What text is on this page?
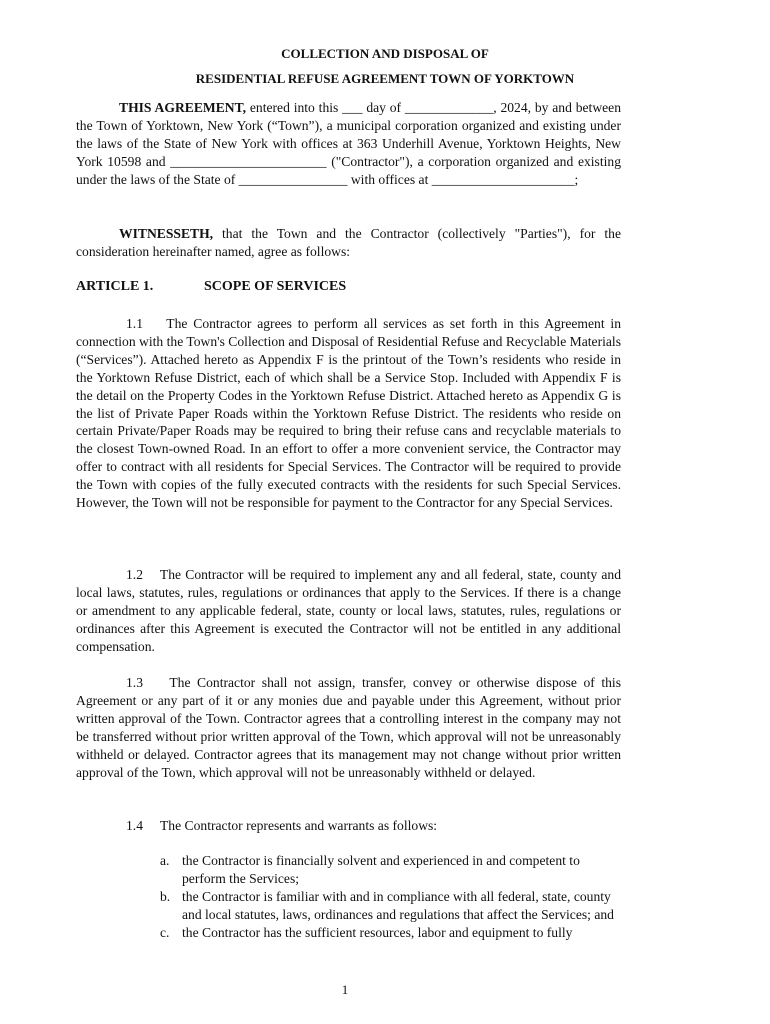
COLLECTION AND DISPOSAL OF
RESIDENTIAL REFUSE AGREEMENT TOWN OF YORKTOWN
THIS AGREEMENT, entered into this ___ day of _____________, 2024, by and between the Town of Yorktown, New York (“Town”), a municipal corporation organized and existing under the laws of the State of New York with offices at 363 Underhill Avenue, Yorktown Heights, New York 10598 and _______________________ ("Contractor"), a corporation organized and existing under the laws of the State of ________________ with offices at _____________________;
WITNESSETH, that the Town and the Contractor (collectively "Parties"), for the consideration hereinafter named, agree as follows:
ARTICLE 1.	SCOPE OF SERVICES
1.1 The Contractor agrees to perform all services as set forth in this Agreement in connection with the Town's Collection and Disposal of Residential Refuse and Recyclable Materials (“Services”). Attached hereto as Appendix F is the printout of the Town’s residents who reside in the Yorktown Refuse District, each of which shall be a Service Stop. Included with Appendix F is the detail on the Property Codes in the Yorktown Refuse District. Attached hereto as Appendix G is the list of Private Paper Roads within the Yorktown Refuse District. The residents who reside on certain Private/Paper Roads may be required to bring their refuse cans and recyclable materials to the closest Town-owned Road. In an effort to offer a more convenient service, the Contractor may offer to contract with all residents for Special Services. The Contractor will be required to provide the Town with copies of the fully executed contracts with the residents for such Special Services. However, the Town will not be responsible for payment to the Contractor for any Special Services.
1.2 The Contractor will be required to implement any and all federal, state, county and local laws, statutes, rules, regulations or ordinances that apply to the Services. If there is a change or amendment to any applicable federal, state, county or local laws, statutes, rules, regulations or ordinances after this Agreement is executed the Contractor will not be entitled in any additional compensation.
1.3 The Contractor shall not assign, transfer, convey or otherwise dispose of this Agreement or any part of it or any monies due and payable under this Agreement, without prior written approval of the Town. Contractor agrees that a controlling interest in the company may not be transferred without prior written approval of the Town, which approval will not be unreasonably withheld or delayed. Contractor agrees that its management may not change without prior written approval of the Town, which approval will not be unreasonably withheld or delayed.
1.4 The Contractor represents and warrants as follows:
a. the Contractor is financially solvent and experienced in and competent to perform the Services;
b. the Contractor is familiar with and in compliance with all federal, state, county and local statutes, laws, ordinances and regulations that affect the Services; and
c. the Contractor has the sufficient resources, labor and equipment to fully
1
